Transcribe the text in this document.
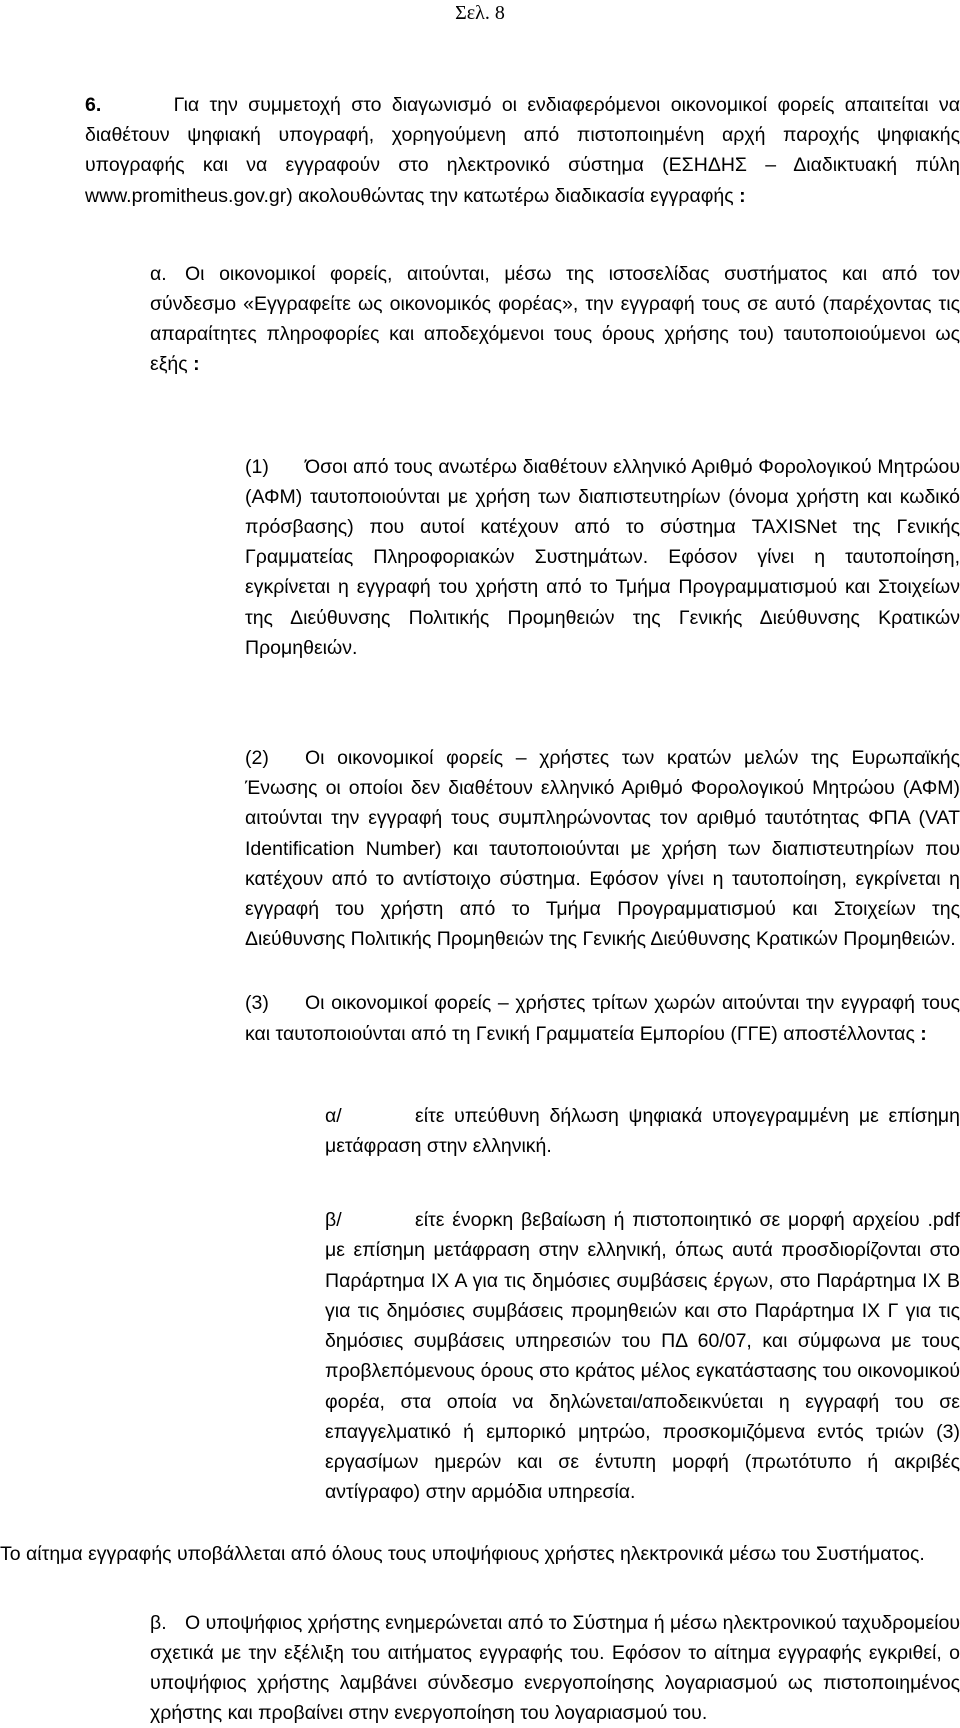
Σελ. 8

6.	Για την συμμετοχή στο διαγωνισμό οι ενδιαφερόμενοι οικονομικοί φορείς απαιτείται να διαθέτουν ψηφιακή υπογραφή, χορηγούμενη από πιστοποιημένη αρχή παροχής ψηφιακής υπογραφής και να εγγραφούν στο ηλεκτρονικό σύστημα (ΕΣΗΔΗΣ – Διαδικτυακή πύλη www.promitheus.gov.gr) ακολουθώντας την κατωτέρω διαδικασία εγγραφής :

α. Οι οικονομικοί φορείς, αιτούνται, μέσω της ιστοσελίδας συστήματος και από τον σύνδεσμο «Εγγραφείτε ως οικονομικός φορέας», την εγγραφή τους σε αυτό (παρέχοντας τις απαραίτητες πληροφορίες και αποδεχόμενοι τους όρους χρήσης του) ταυτοποιούμενοι ως εξής :

(1) Όσοι από τους ανωτέρω διαθέτουν ελληνικό Αριθμό Φορολογικού Μητρώου (ΑΦΜ) ταυτοποιούνται με χρήση των διαπιστευτηρίων (όνομα χρήστη και κωδικό πρόσβασης) που αυτοί κατέχουν από το σύστημα TAXISNet της Γενικής Γραμματείας Πληροφοριακών Συστημάτων. Εφόσον γίνει η ταυτοποίηση, εγκρίνεται η εγγραφή του χρήστη από το Τμήμα Προγραμματισμού και Στοιχείων της Διεύθυνσης Πολιτικής Προμηθειών της Γενικής Διεύθυνσης Κρατικών Προμηθειών.

(2) Οι οικονομικοί φορείς – χρήστες των κρατών μελών της Ευρωπαϊκής Ένωσης οι οποίοι δεν διαθέτουν ελληνικό Αριθμό Φορολογικού Μητρώου (ΑΦΜ) αιτούνται την εγγραφή τους συμπληρώνοντας τον αριθμό ταυτότητας ΦΠΑ (VAT Identification Number) και ταυτοποιούνται με χρήση των διαπιστευτηρίων που κατέχουν από το αντίστοιχο σύστημα. Εφόσον γίνει η ταυτοποίηση, εγκρίνεται η εγγραφή του χρήστη από το Τμήμα Προγραμματισμού και Στοιχείων της Διεύθυνσης Πολιτικής Προμηθειών της Γενικής Διεύθυνσης Κρατικών Προμηθειών.

(3) Οι οικονομικοί φορείς – χρήστες τρίτων χωρών αιτούνται την εγγραφή τους και ταυτοποιούνται από τη Γενική Γραμματεία Εμπορίου (ΓΓΕ) αποστέλλοντας :

α/	είτε υπεύθυνη δήλωση ψηφιακά υπογεγραμμένη με επίσημη μετάφραση στην ελληνική.

β/	είτε ένορκη βεβαίωση ή πιστοποιητικό σε μορφή αρχείου .pdf με επίσημη μετάφραση στην ελληνική, όπως αυτά προσδιορίζονται στο Παράρτημα ΙΧ Α για τις δημόσιες συμβάσεις έργων, στο Παράρτημα ΙΧ Β για τις δημόσιες συμβάσεις προμηθειών και στο Παράρτημα ΙΧ Γ για τις δημόσιες συμβάσεις υπηρεσιών του ΠΔ 60/07, και σύμφωνα με τους προβλεπόμενους όρους στο κράτος μέλος εγκατάστασης του οικονομικού φορέα, στα οποία να δηλώνεται/αποδεικνύεται η εγγραφή του σε επαγγελματικό ή εμπορικό μητρώο, προσκομιζόμενα εντός τριών (3) εργασίμων ημερών και σε έντυπη μορφή (πρωτότυπο ή ακριβές αντίγραφο) στην αρμόδια υπηρεσία.

Το αίτημα εγγραφής υποβάλλεται από όλους τους υποψήφιους χρήστες ηλεκτρονικά μέσω του Συστήματος.

β. Ο υποψήφιος χρήστης ενημερώνεται από το Σύστημα ή μέσω ηλεκτρονικού ταχυδρομείου σχετικά με την εξέλιξη του αιτήματος εγγραφής του. Εφόσον το αίτημα εγγραφής εγκριθεί, ο υποψήφιος χρήστης λαμβάνει σύνδεσμο ενεργοποίησης λογαριασμού ως πιστοποιημένος χρήστης και προβαίνει στην ενεργοποίηση του λογαριασμού του.
